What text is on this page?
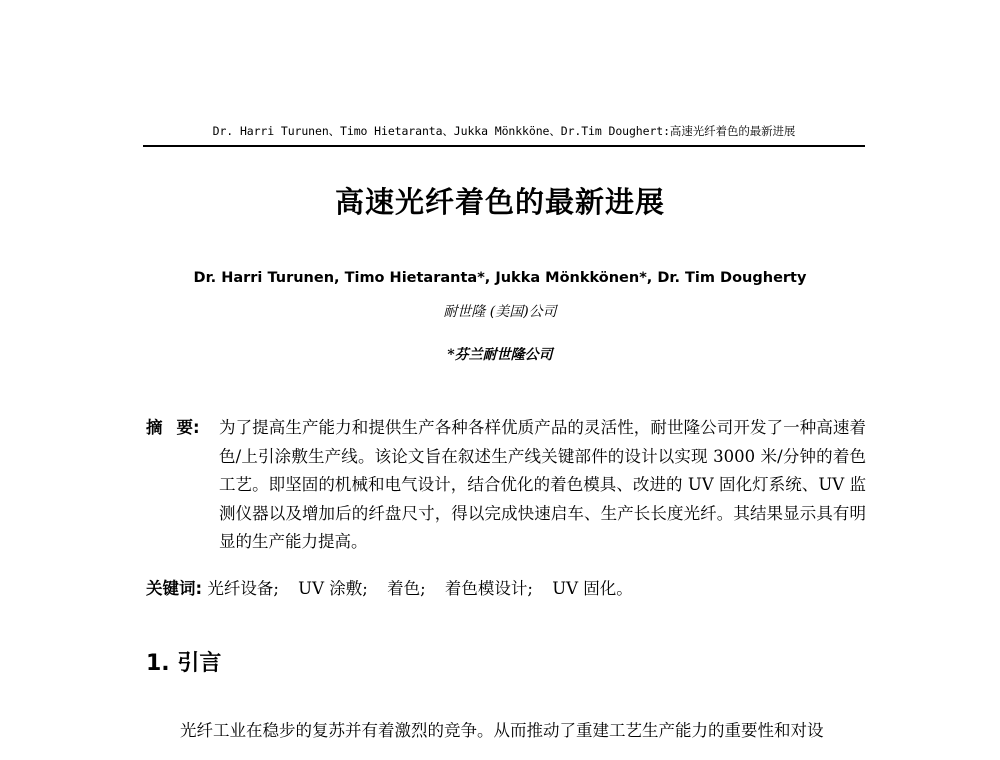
Dr. Harri Turunen、Timo Hietaranta、Jukka Mönkköne、Dr.Tim Doughert:高速光纤着色的最新进展
高速光纤着色的最新进展
Dr. Harri Turunen, Timo Hietaranta*, Jukka Mönkkönen*, Dr. Tim Dougherty
耐世隆 (美国)公司
*芬兰耐世隆公司
摘要:	为了提高生产能力和提供生产各种各样优质产品的灵活性，耐世隆公司开发了一种高速着色/上引涂敷生产线。该论文旨在叙述生产线关键部件的设计以实现 3000 米/分钟的着色工艺。即坚固的机械和电气设计，结合优化的着色模具、改进的 UV 固化灯系统、UV 监测仪器以及增加后的纤盘尺寸，得以完成快速启车、生产长长度光纤。其结果显示具有明显的生产能力提高。
关键词: 光纤设备; UV 涂敷; 着色; 着色模设计; UV 固化。
1. 引言
光纤工业在稳步的复苏并有着激烈的竞争。从而推动了重建工艺生产能力的重要性和对设
